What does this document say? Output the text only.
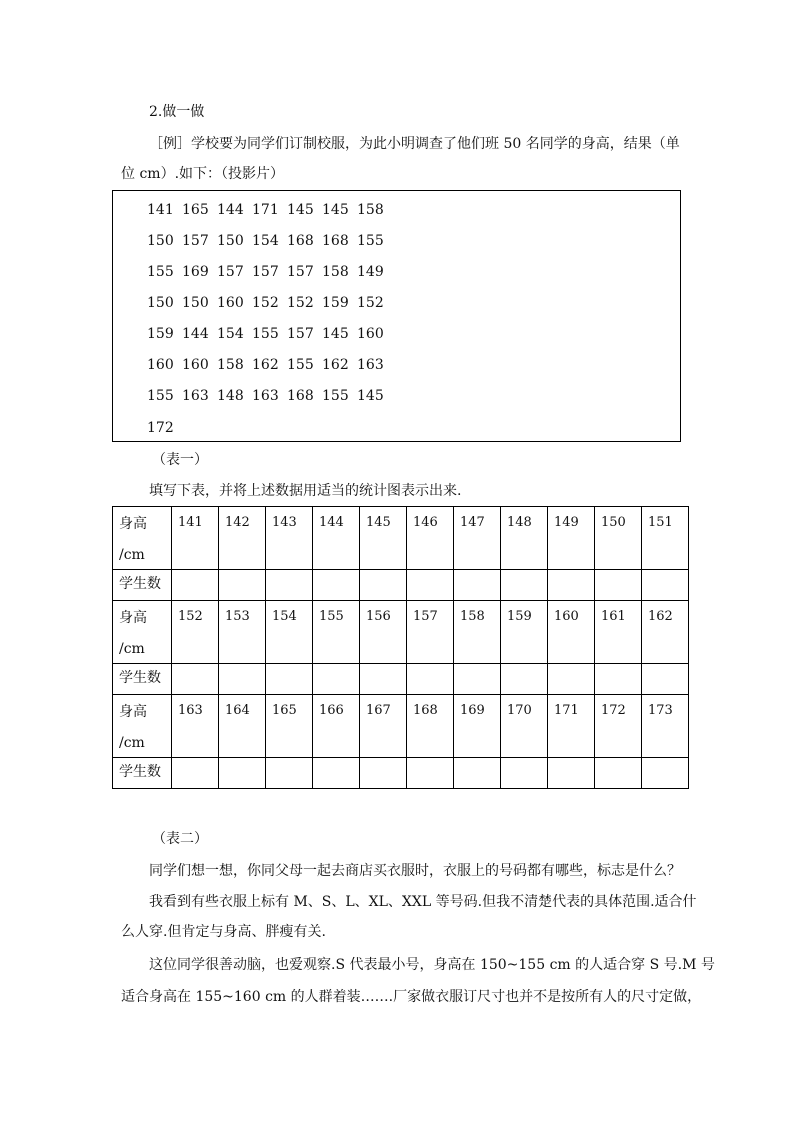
2.做一做
［例］学校要为同学们订制校服，为此小明调查了他们班 50 名同学的身高，结果（单
位 cm）.如下：（投影片）
141 165 144 171 145 145 158
150 157 150 154 168 168 155
155 169 157 157 157 158 149
150 150 160 152 152 159 152
159 144 154 155 157 145 160
160 160 158 162 155 162 163
155 163 148 163 168 155 145
172
（表一）
填写下表，并将上述数据用适当的统计图表示出来.
身高
/cm	141	142	143	144	145	146	147	148	149	150	151
学生数											

身高
/cm	152	153	154	155	156	157	158	159	160	161	162
学生数											

身高
/cm	163	164	165	166	167	168	169	170	171	172	173
学生数											
（表二）
同学们想一想，你同父母一起去商店买衣服时，衣服上的号码都有哪些，标志是什么？
我看到有些衣服上标有 M、S、L、XL、XXL 等号码.但我不清楚代表的具体范围.适合什
么人穿.但肯定与身高、胖瘦有关.
这位同学很善动脑，也爱观察.S 代表最小号，身高在 150~155 cm 的人适合穿 S 号.M 号
适合身高在 155~160 cm 的人群着装…….厂家做衣服订尺寸也并不是按所有人的尺寸定做，
